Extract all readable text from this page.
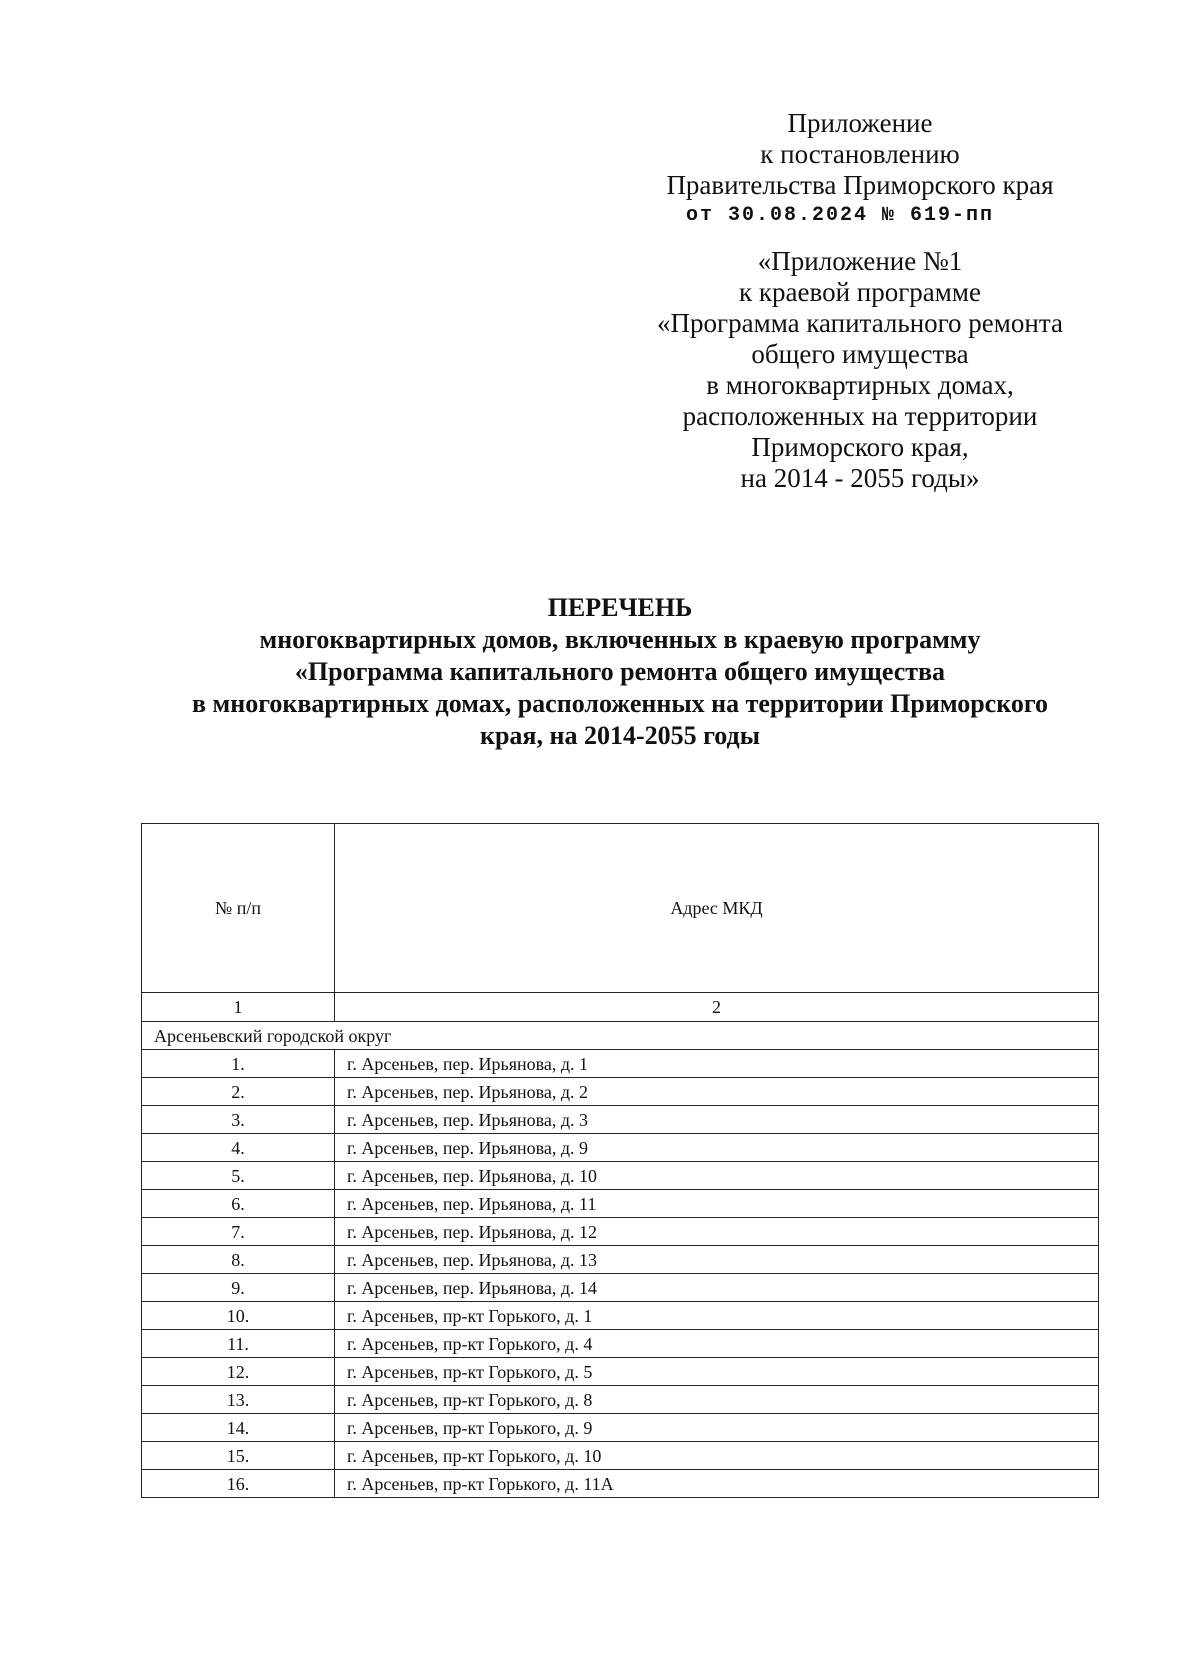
Приложение
к постановлению
Правительства Приморского края
от 30.08.2024 № 619-пп
«Приложение №1
к краевой программе
«Программа капитального ремонта
общего имущества
в многоквартирных домах,
расположенных на территории
Приморского края,
на 2014 - 2055 годы»
ПЕРЕЧЕНЬ
многоквартирных домов, включенных в краевую программу
«Программа капитального ремонта общего имущества
в многоквартирных домах, расположенных на территории Приморского
края, на 2014-2055 годы
№ п/п	Адрес МКД
1	2
Арсеньевский городской округ	
1.	г. Арсеньев, пер. Ирьянова, д. 1
2.	г. Арсеньев, пер. Ирьянова, д. 2
3.	г. Арсеньев, пер. Ирьянова, д. 3
4.	г. Арсеньев, пер. Ирьянова, д. 9
5.	г. Арсеньев, пер. Ирьянова, д. 10
6.	г. Арсеньев, пер. Ирьянова, д. 11
7.	г. Арсеньев, пер. Ирьянова, д. 12
8.	г. Арсеньев, пер. Ирьянова, д. 13
9.	г. Арсеньев, пер. Ирьянова, д. 14
10.	г. Арсеньев, пр-кт Горького, д. 1
11.	г. Арсеньев, пр-кт Горького, д. 4
12.	г. Арсеньев, пр-кт Горького, д. 5
13.	г. Арсеньев, пр-кт Горького, д. 8
14.	г. Арсеньев, пр-кт Горького, д. 9
15.	г. Арсеньев, пр-кт Горького, д. 10
16.	г. Арсеньев, пр-кт Горького, д. 11А
